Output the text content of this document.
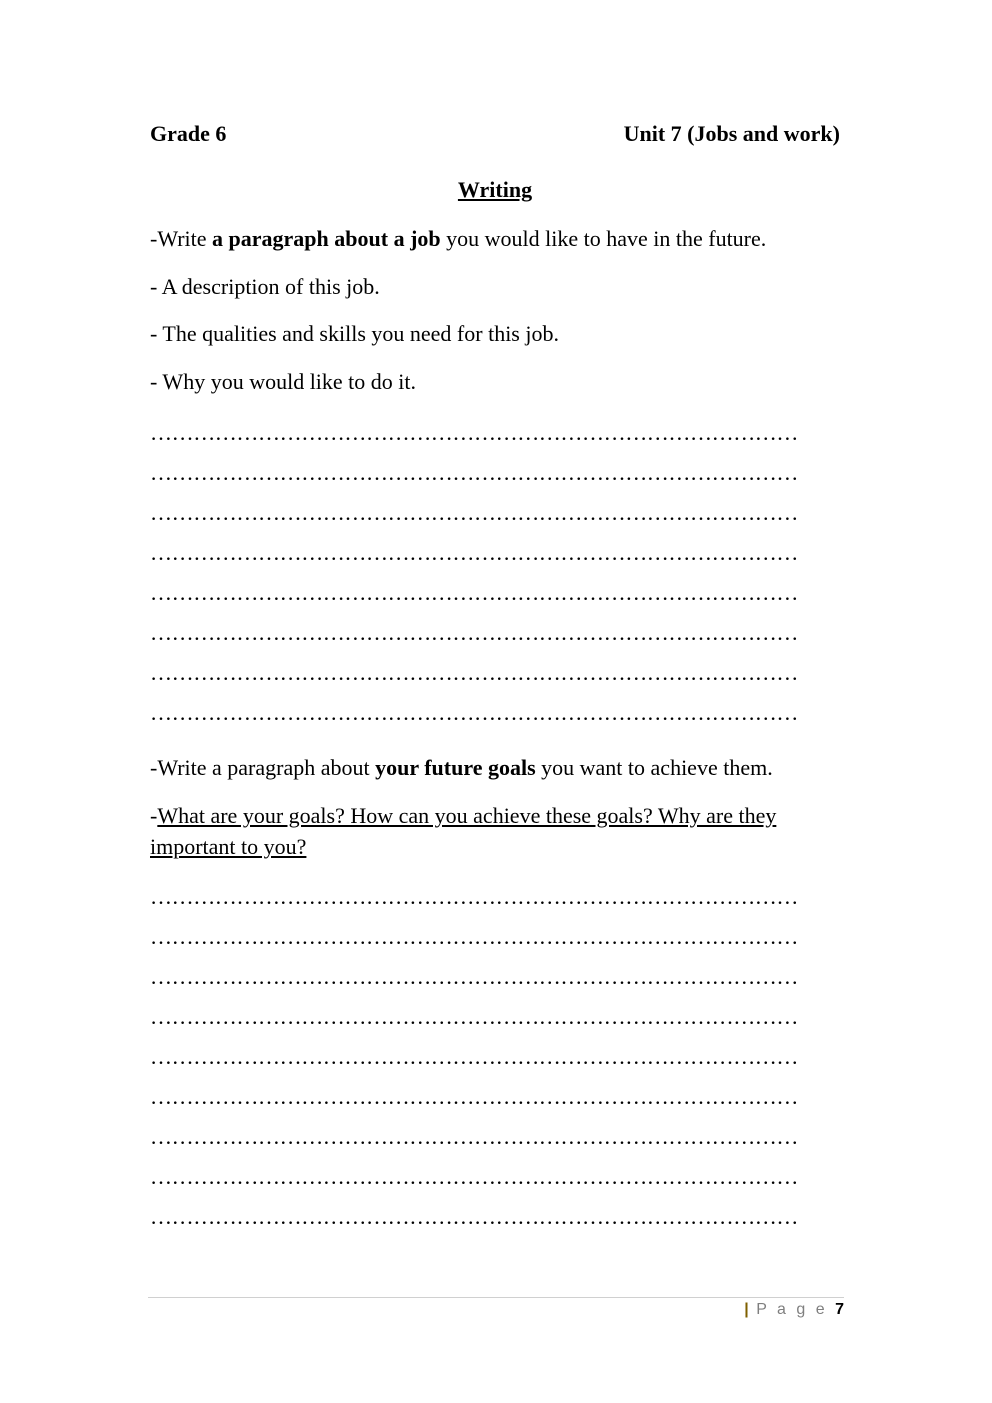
Grade 6	Unit 7 (Jobs and work)
Writing
-Write a paragraph about a job you would like to have in the future.
- A description of this job.
- The qualities and skills you need for this job.
- Why you would like to do it.
………………………………………………………………………………
………………………………………………………………………………
………………………………………………………………………………
………………………………………………………………………………
………………………………………………………………………………
………………………………………………………………………………
………………………………………………………………………………
………………………………………………………………………………
-Write a paragraph about your future goals you want to achieve them.
-What are your goals? How can you achieve these goals? Why are they important to you?
………………………………………………………………………………
………………………………………………………………………………
………………………………………………………………………………
………………………………………………………………………………
………………………………………………………………………………
………………………………………………………………………………
………………………………………………………………………………
………………………………………………………………………………
………………………………………………………………………………
| P a g e 7
